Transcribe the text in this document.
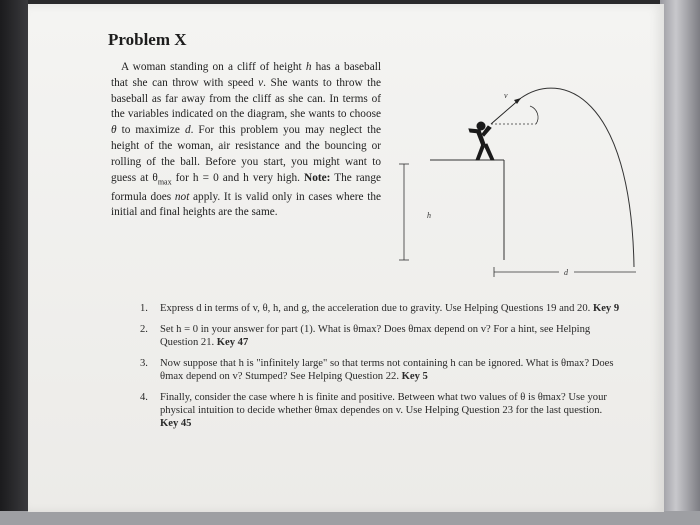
Problem X
A woman standing on a cliff of height h has a baseball that she can throw with speed v. She wants to throw the baseball as far away from the cliff as she can. In terms of the variables indicated on the diagram, she wants to choose θ to maximize d. For this problem you may neglect the height of the woman, air resistance and the bouncing or rolling of the ball. Before you start, you might want to guess at $\theta_{max}$ for h = 0 and h very high. Note: The range formula does not apply. It is valid only in cases where the initial and final heights are the same.	h
v
d
1. Express d in terms of v, θ, h, and g, the acceleration due to gravity. Use Helping Questions 19 and 20. Key 9
2. Set h = 0 in your answer for part (1). What is θmax? Does θmax depend on v? For a hint, see Helping Question 21. Key 47
3. Now suppose that h is "infinitely large" so that terms not containing h can be ignored. What is θmax? Does θmax depend on v? Stumped? See Helping Question 22. Key 5
4. Finally, consider the case where h is finite and positive. Between what two values of θ is θmax? Use your physical intuition to decide whether θmax dependes on v. Use Helping Question 23 for the last question. Key 45
